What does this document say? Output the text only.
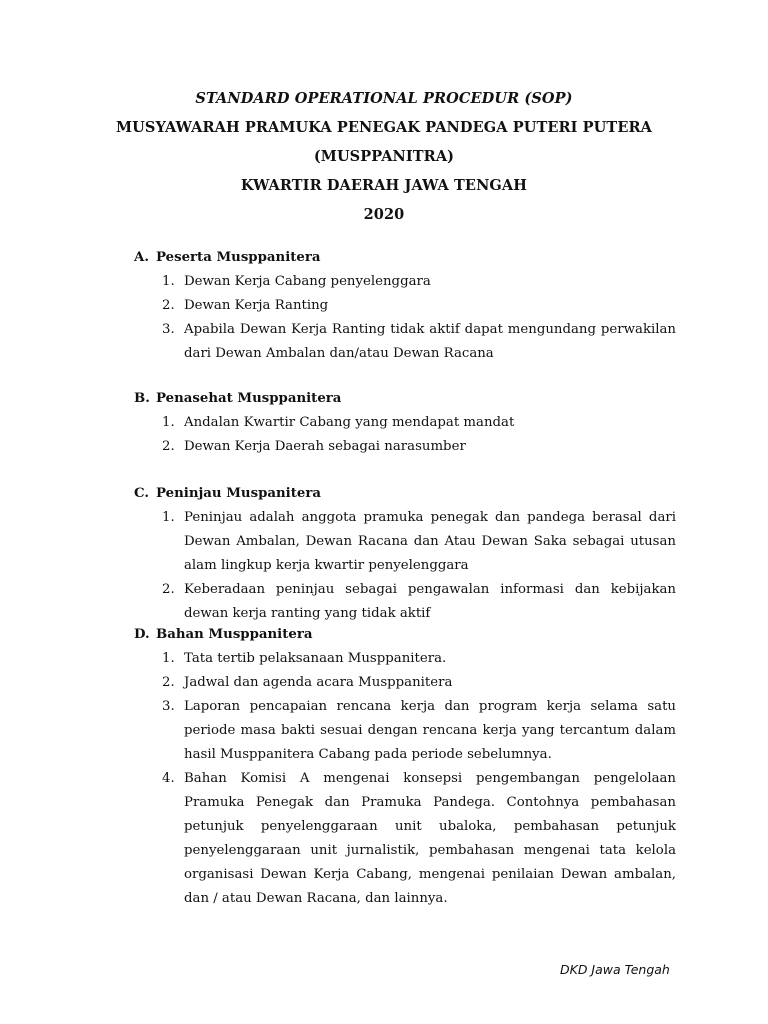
STANDARD OPERATIONAL PROCEDUR (SOP)
MUSYAWARAH PRAMUKA PENEGAK PANDEGA PUTERI PUTERA
(MUSPPANITRA)
KWARTIR DAERAH JAWA TENGAH
2020
A. Peserta Musppanitera
1. Dewan Kerja Cabang penyelenggara
2. Dewan Kerja Ranting
3. Apabila Dewan Kerja Ranting tidak aktif dapat mengundang perwakilan dari Dewan Ambalan dan/atau Dewan Racana
B. Penasehat Musppanitera
1. Andalan Kwartir Cabang yang mendapat mandat
2. Dewan Kerja Daerah sebagai narasumber
C. Peninjau Muspanitera
1. Peninjau adalah anggota pramuka penegak dan pandega berasal dari Dewan Ambalan, Dewan Racana dan Atau Dewan Saka sebagai utusan alam lingkup kerja kwartir penyelenggara
2. Keberadaan peninjau sebagai pengawalan informasi dan kebijakan dewan kerja ranting yang tidak aktif
D. Bahan Musppanitera
1. Tata tertib pelaksanaan Musppanitera.
2. Jadwal dan agenda acara Musppanitera
3. Laporan pencapaian rencana kerja dan program kerja selama satu periode masa bakti sesuai dengan rencana kerja yang tercantum dalam hasil Musppanitera Cabang pada periode sebelumnya.
4. Bahan Komisi A mengenai konsepsi pengembangan pengelolaan Pramuka Penegak dan Pramuka Pandega. Contohnya pembahasan petunjuk penyelenggaraan unit ubaloka, pembahasan petunjuk penyelenggaraan unit jurnalistik, pembahasan mengenai tata kelola organisasi Dewan Kerja Cabang, mengenai penilaian Dewan ambalan, dan / atau Dewan Racana, dan lainnya.
DKD Jawa Tengah
